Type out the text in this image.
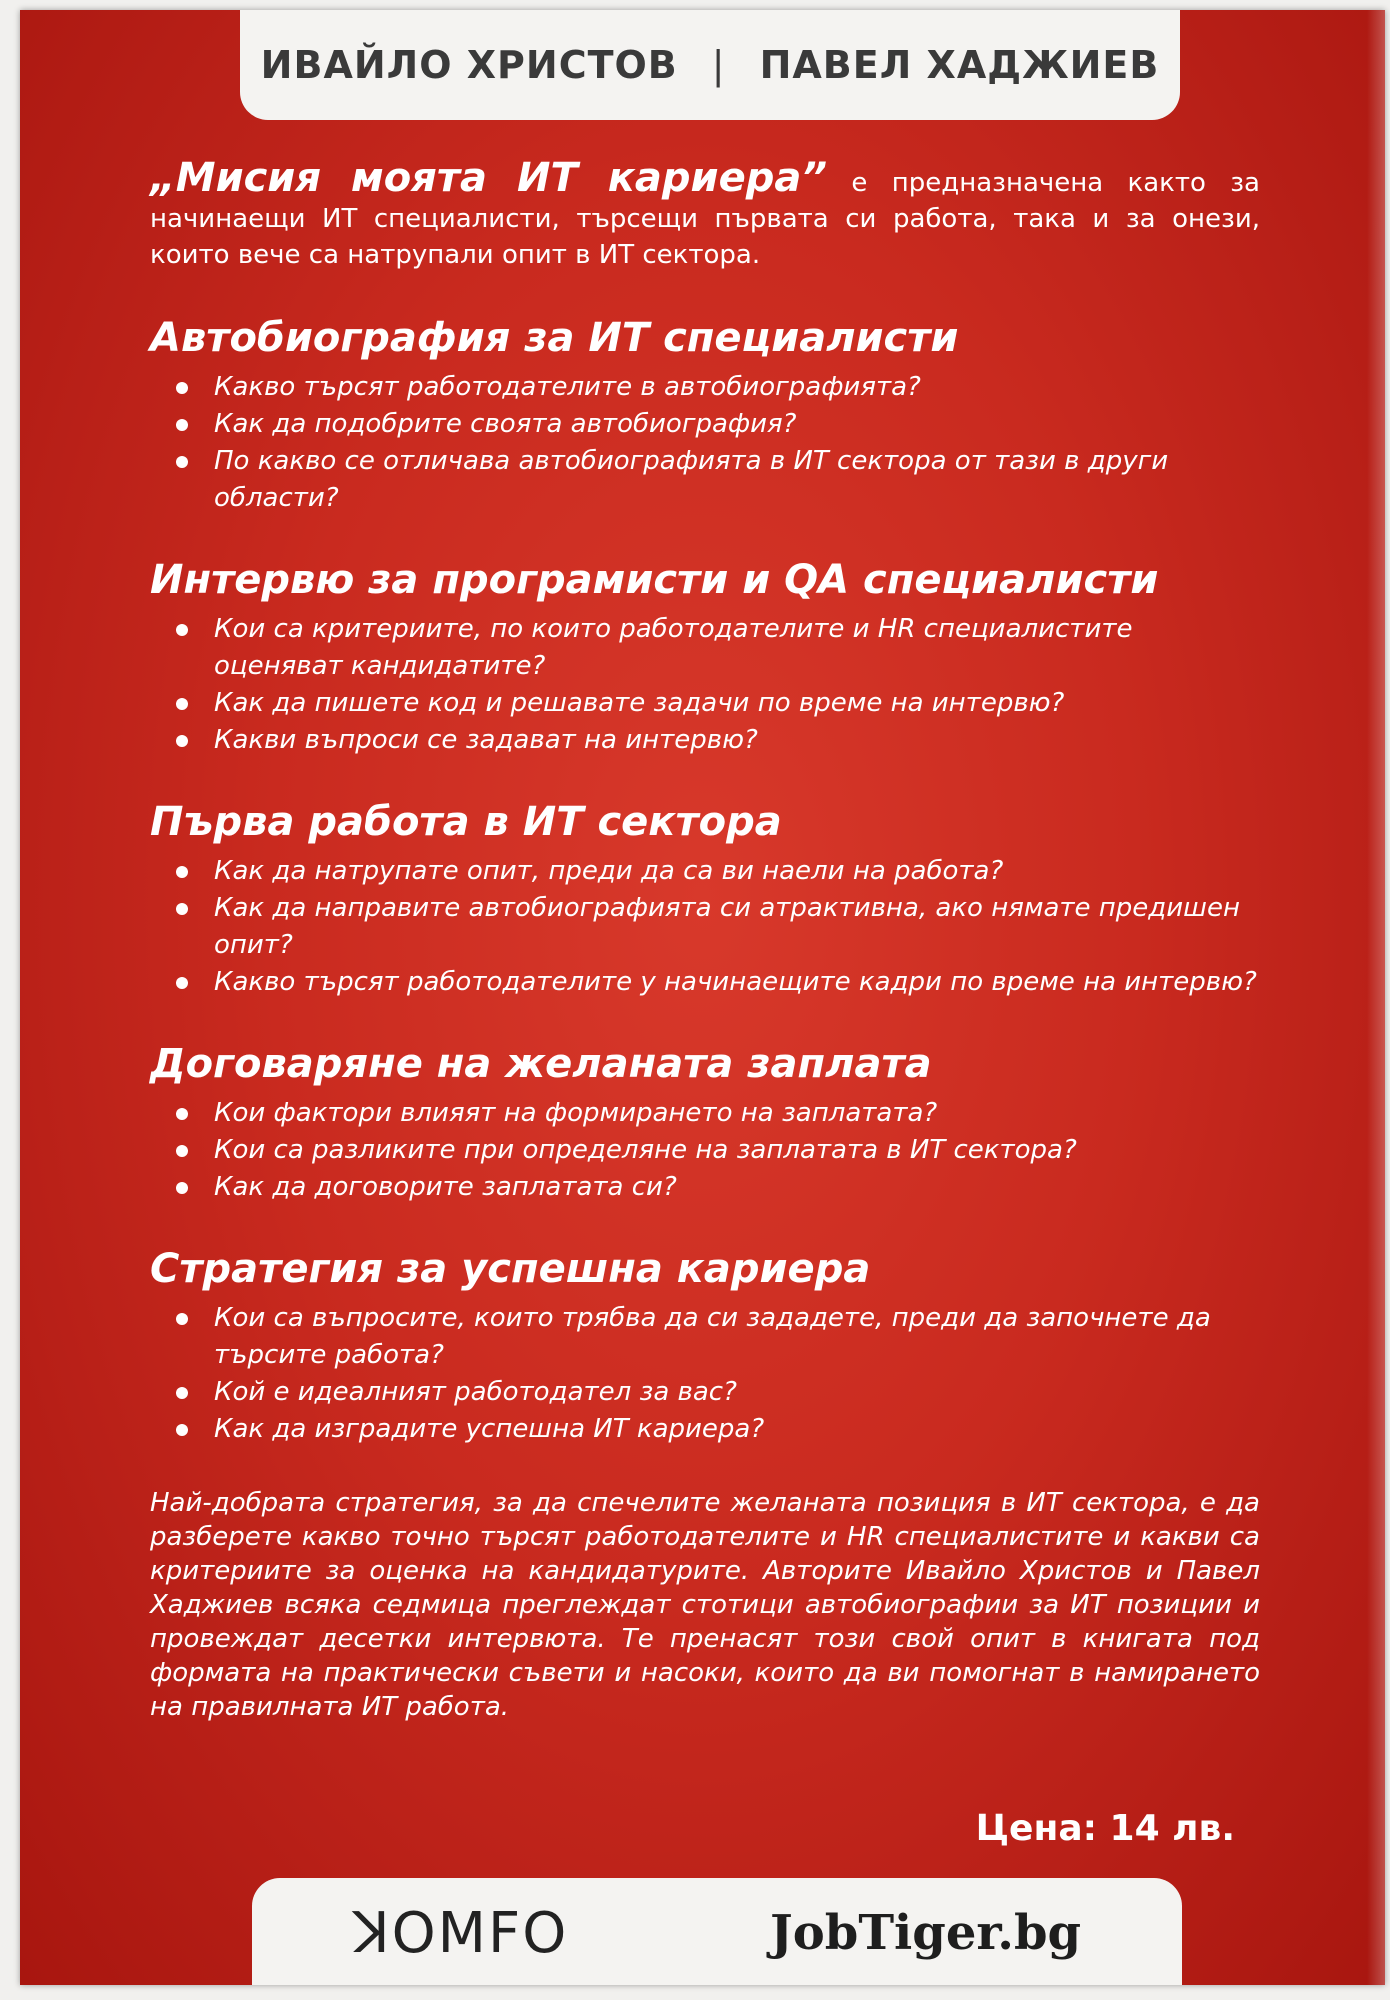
ИВАЙЛО ХРИСТОВ | ПАВЕЛ ХАДЖИЕВ

„Мисия моята ИТ кариера” е предназначена както за начинаещи ИТ специалисти, търсещи първата си работа, така и за онези, които вече са натрупали опит в ИТ сектора.

Автобиография за ИТ специалисти
Какво търсят работодателите в автобиографията?
Как да подобрите своята автобиография?
По какво се отличава автобиографията в ИТ сектора от тази в други области?
Интервю за програмисти и QA специалисти
Кои са критериите, по които работодателите и HR специалистите оценяват кандидатите?
Как да пишете код и решавате задачи по време на интервю?
Какви въпроси се задават на интервю?
Първа работа в ИТ сектора
Как да натрупате опит, преди да са ви наели на работа?
Как да направите автобиографията си атрактивна, ако нямате предишен опит?
Какво търсят работодателите у начинаещите кадри по време на интервю?
Договаряне на желаната заплата
Кои фактори влияят на формирането на заплатата?
Кои са разликите при определяне на заплатата в ИТ сектора?
Как да договорите заплатата си?
Стратегия за успешна кариера
Кои са въпросите, които трябва да си зададете, преди да започнете да търсите работа?
Кой е идеалният работодател за вас?
Как да изградите успешна ИТ кариера?

Най-добрата стратегия, за да спечелите желаната позиция в ИТ сектора, е да разберете какво точно търсят работодателите и HR специалистите и какви са критериите за оценка на кандидатурите. Авторите Ивайло Христов и Павел Хаджиев всяка седмица преглеждат стотици автобиографии за ИТ позиции и провеждат десетки интервюта. Те пренасят този свой опит в книгата под формата на практически съвети и насоки, които да ви помогнат в намирането на правилната ИТ работа.

Цена: 14 лв.
ꓘOMFO	JobTiger.bg
